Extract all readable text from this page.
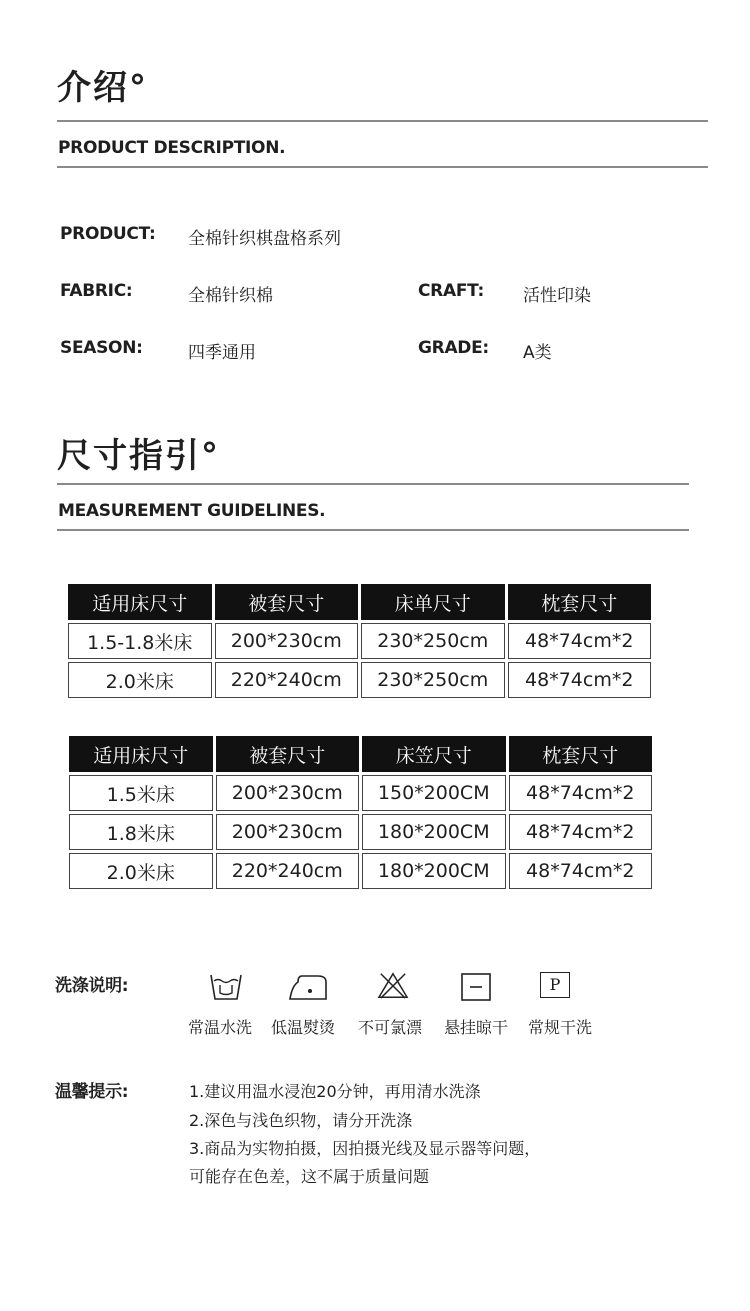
介绍°
PRODUCT DESCRIPTION.
PRODUCT: 全棉针织棋盘格系列
FABRIC:	全棉针织棉	CRAFT: 活性印染
SEASON:	四季通用	GRADE: A类
尺寸指引°
MEASUREMENT GUIDELINES.
适用床尺寸	被套尺寸	床单尺寸	枕套尺寸
1.5-1.8米床	200*230cm	230*250cm	48*74cm*2
2.0米床	220*240cm	230*250cm	48*74cm*2
适用床尺寸	被套尺寸	床笠尺寸	枕套尺寸
1.5米床	200*230cm	150*200CM	48*74cm*2
1.8米床	200*230cm	180*200CM	48*74cm*2
2.0米床	220*240cm	180*200CM	48*74cm*2
洗涤说明:	P
常温水洗 低温熨烫 不可氯漂 悬挂晾干 常规干洗
温馨提示:	1.建议用温水浸泡20分钟，再用清水洗涤
2.深色与浅色织物，请分开洗涤
3.商品为实物拍摄，因拍摄光线及显示器等问题，
可能存在色差，这不属于质量问题
